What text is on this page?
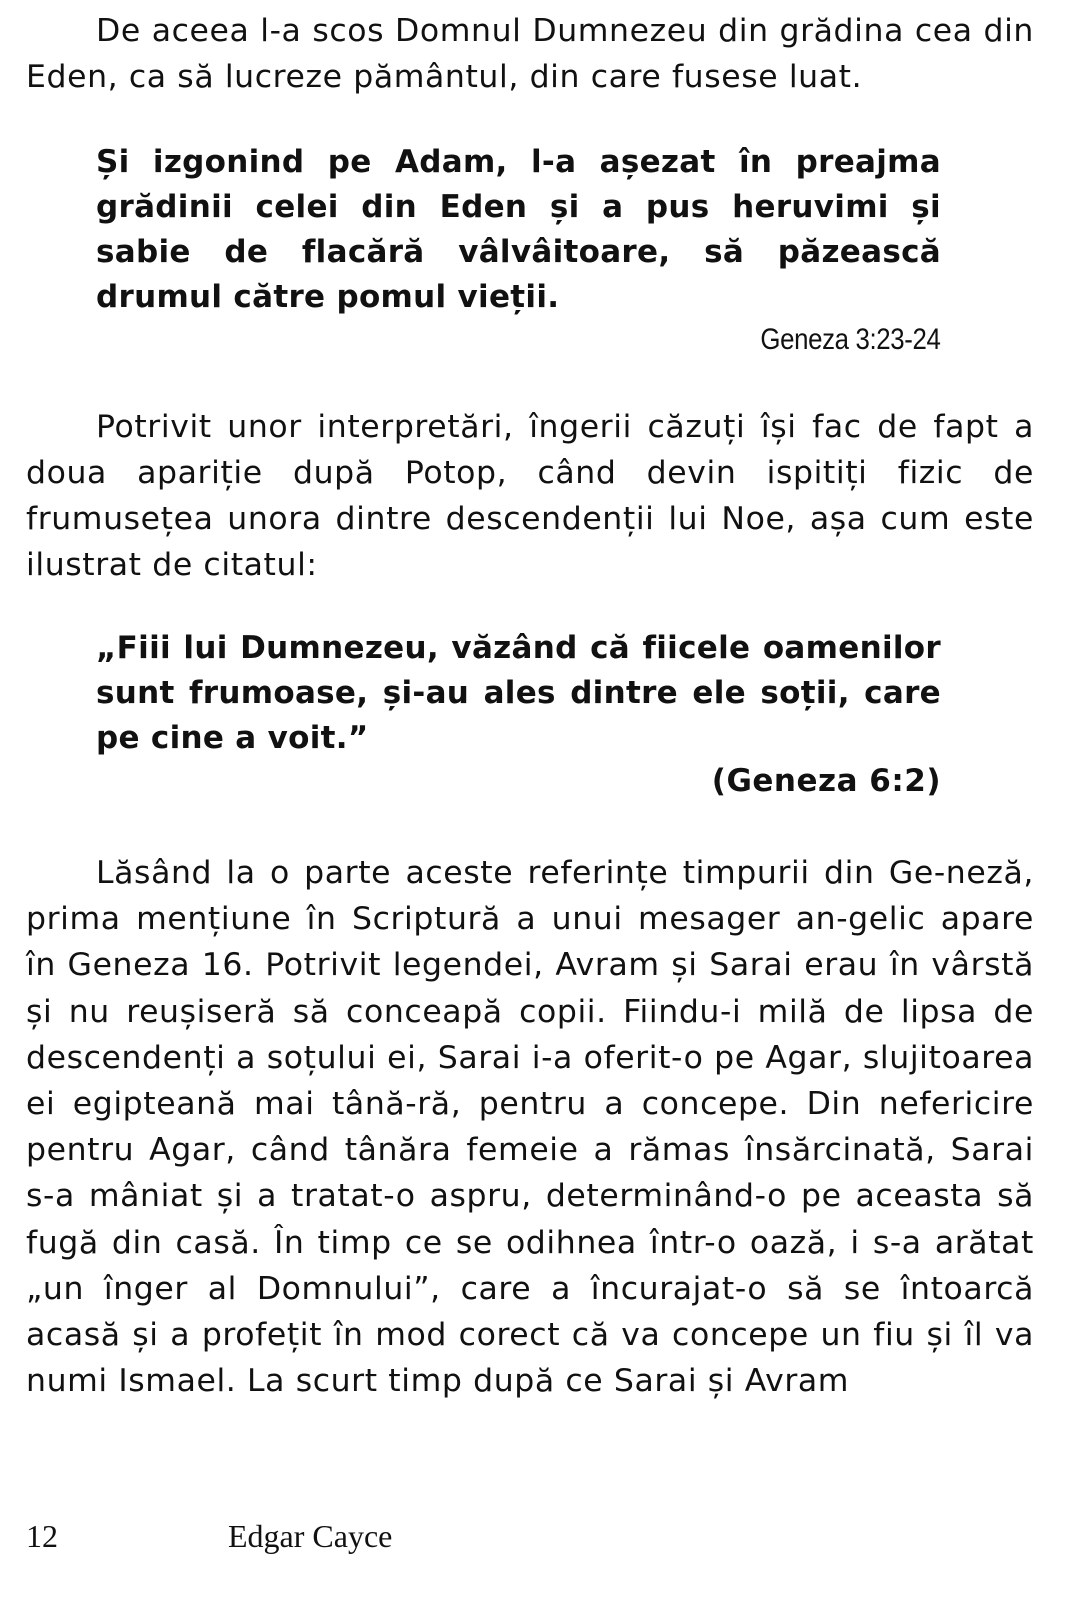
De aceea l-a scos Domnul Dumnezeu din grădina cea din Eden, ca să lucreze pământul, din care fusese luat.

Și izgonind pe Adam, l-a așezat în preajma grădinii celei din Eden și a pus heruvimi și sabie de flacără vâlvâitoare, să păzească drumul către pomul vieții.

Geneza 3:23-24

Potrivit unor interpretări, îngerii căzuți își fac de fapt a doua apariție după Potop, când devin ispitiți fizic de frumusețea unora dintre descendenții lui Noe, așa cum este ilustrat de citatul:

„Fiii lui Dumnezeu, văzând că fiicele oamenilor sunt frumoase, și-au ales dintre ele soții, care pe cine a voit.”

(Geneza 6:2)

Lăsând la o parte aceste referințe timpurii din Ge-neză, prima mențiune în Scriptură a unui mesager an-gelic apare în Geneza 16. Potrivit legendei, Avram și Sarai erau în vârstă și nu reușiseră să conceapă copii. Fiindu-i milă de lipsa de descendenți a soțului ei, Sarai i-a oferit-o pe Agar, slujitoarea ei egipteană mai tână-ră, pentru a concepe. Din nefericire pentru Agar, când tânăra femeie a rămas însărcinată, Sarai s-a mâniat și a tratat-o aspru, determinând-o pe aceasta să fugă din casă. În timp ce se odihnea într-o oază, i s-a arătat „un înger al Domnului”, care a încurajat-o să se întoarcă acasă și a profețit în mod corect că va concepe un fiu și îl va numi Ismael. La scurt timp după ce Sarai și Avram

12	Edgar Cayce
